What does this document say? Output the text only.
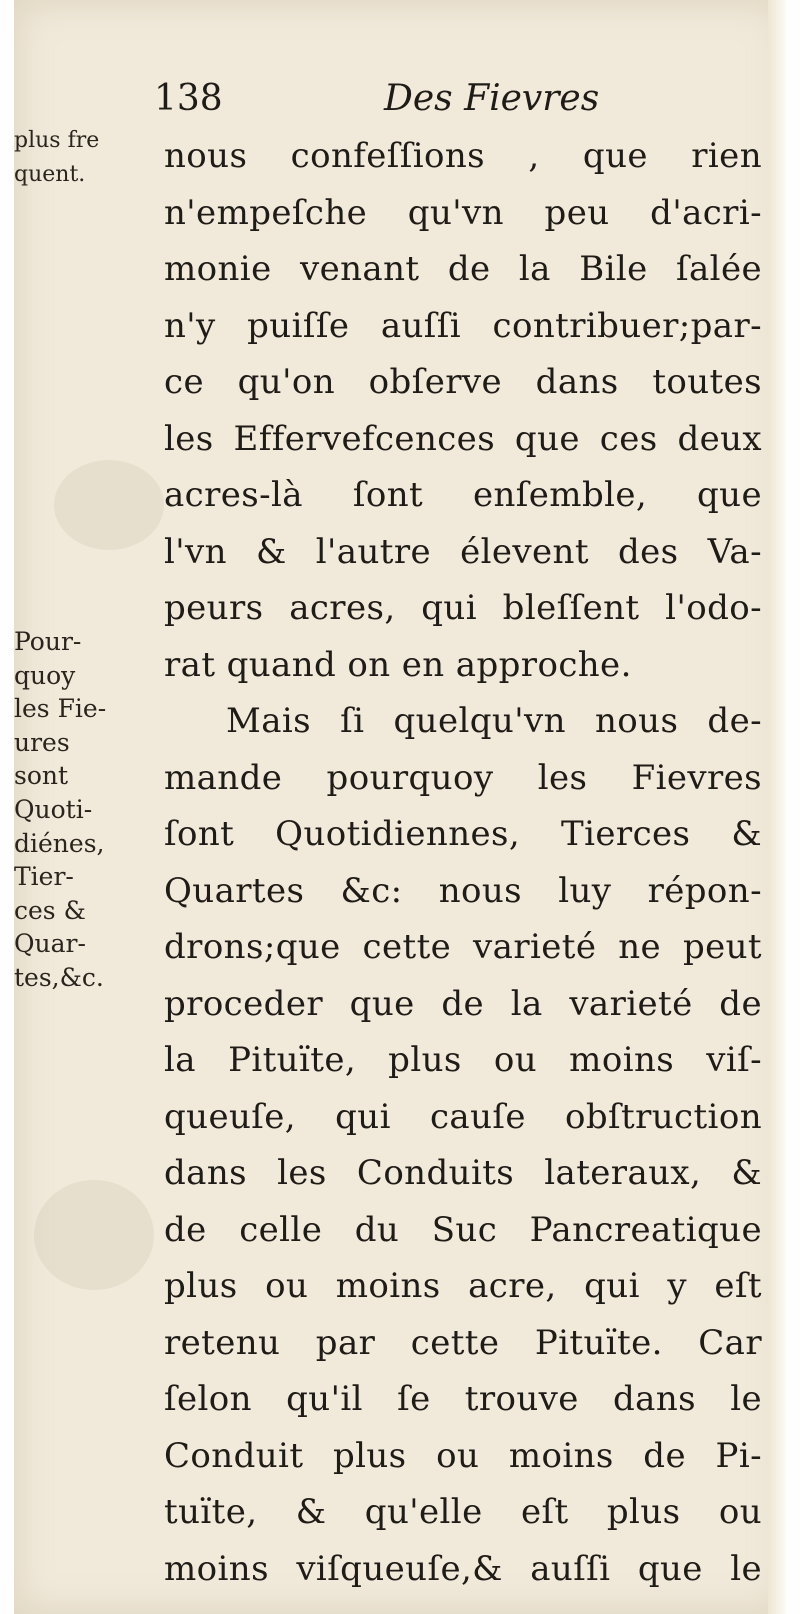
138	Des Fievres
plus fre
quent.
Pour-
quoy
les Fie-
ures
sont
Quoti-
diénes,
Tier-
ces &
Quar-
tes,&c.
nous confeſſions , que rien
n'empeſche qu'vn peu d'acri-
monie venant de la Bile ſalée
n'y puiſſe auſſi contribuer;par-
ce qu'on obſerve dans toutes
les Effervefcences que ces deux
acres-là ſont enſemble, que
l'vn & l'autre élevent des Va-
peurs acres, qui bleſſent l'odo-
rat quand on en approche.
Mais ſi quelqu'vn nous de-
mande pourquoy les Fievres
ſont Quotidiennes, Tierces &
Quartes &c: nous luy répon-
drons;que cette varieté ne peut
proceder que de la varieté de
la Pituïte, plus ou moins viſ-
queuſe, qui cauſe obſtruction
dans les Conduits lateraux, &
de celle du Suc Pancreatique
plus ou moins acre, qui y eſt
retenu par cette Pituïte. Car
ſelon qu'il ſe trouve dans le
Conduit plus ou moins de Pi-
tuïte, & qu'elle eſt plus ou
moins viſqueuſe,& auſſi que le
